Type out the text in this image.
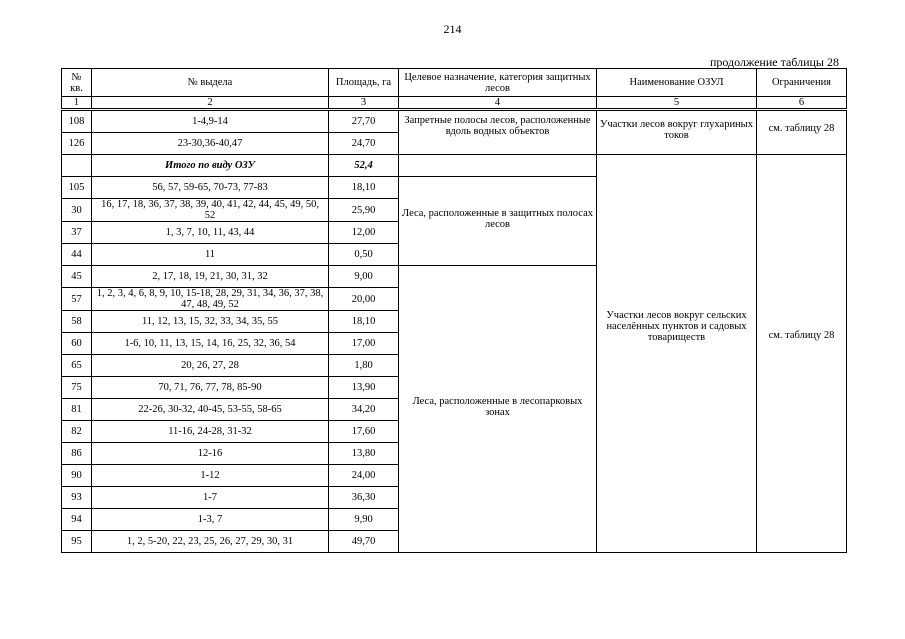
214
продолжение таблицы 28
№ кв.	№ выдела	Площадь, га	Целевое назначение, категория защитных лесов	Наименование ОЗУЛ	Ограничения
1	2	3	4	5	6
108	1-4,9-14	27,70	Запретные полосы лесов, расположенные вдоль водных объектов	Участки лесов вокруг глухариных токов	см. таблицу 28
126	23-30,36-40,47	24,70			
	Итого по виду ОЗУ	52,4		Участки лесов вокруг сельских населённых пунктов и садовых товариществ	см. таблицу 28
105	56, 57, 59-65, 70-73, 77-83	18,10	Леса, расположенные в защитных полосах лесов		
30	16, 17, 18, 36, 37, 38, 39, 40, 41, 42, 44, 45, 49, 50, 52	25,90			
37	1, 3, 7, 10, 11, 43, 44	12,00			
44	11	0,50			
45	2, 17, 18, 19, 21, 30, 31, 32	9,00	Леса, расположенные в лесопарковых зонах		
57	1, 2, 3, 4, 6, 8, 9, 10, 15-18, 28, 29, 31, 34, 36, 37, 38, 47, 48, 49, 52	20,00			
58	11, 12, 13, 15, 32, 33, 34, 35, 55	18,10			
60	1-6, 10, 11, 13, 15, 14, 16, 25, 32, 36, 54	17,00			
65	20, 26, 27, 28	1,80			
75	70, 71, 76, 77, 78, 85-90	13,90			
81	22-26, 30-32, 40-45, 53-55, 58-65	34,20			
82	11-16, 24-28, 31-32	17,60			
86	12-16	13,80			
90	1-12	24,00			
93	1-7	36,30			
94	1-3, 7	9,90			
95	1, 2, 5-20, 22, 23, 25, 26, 27, 29, 30, 31	49,70			
